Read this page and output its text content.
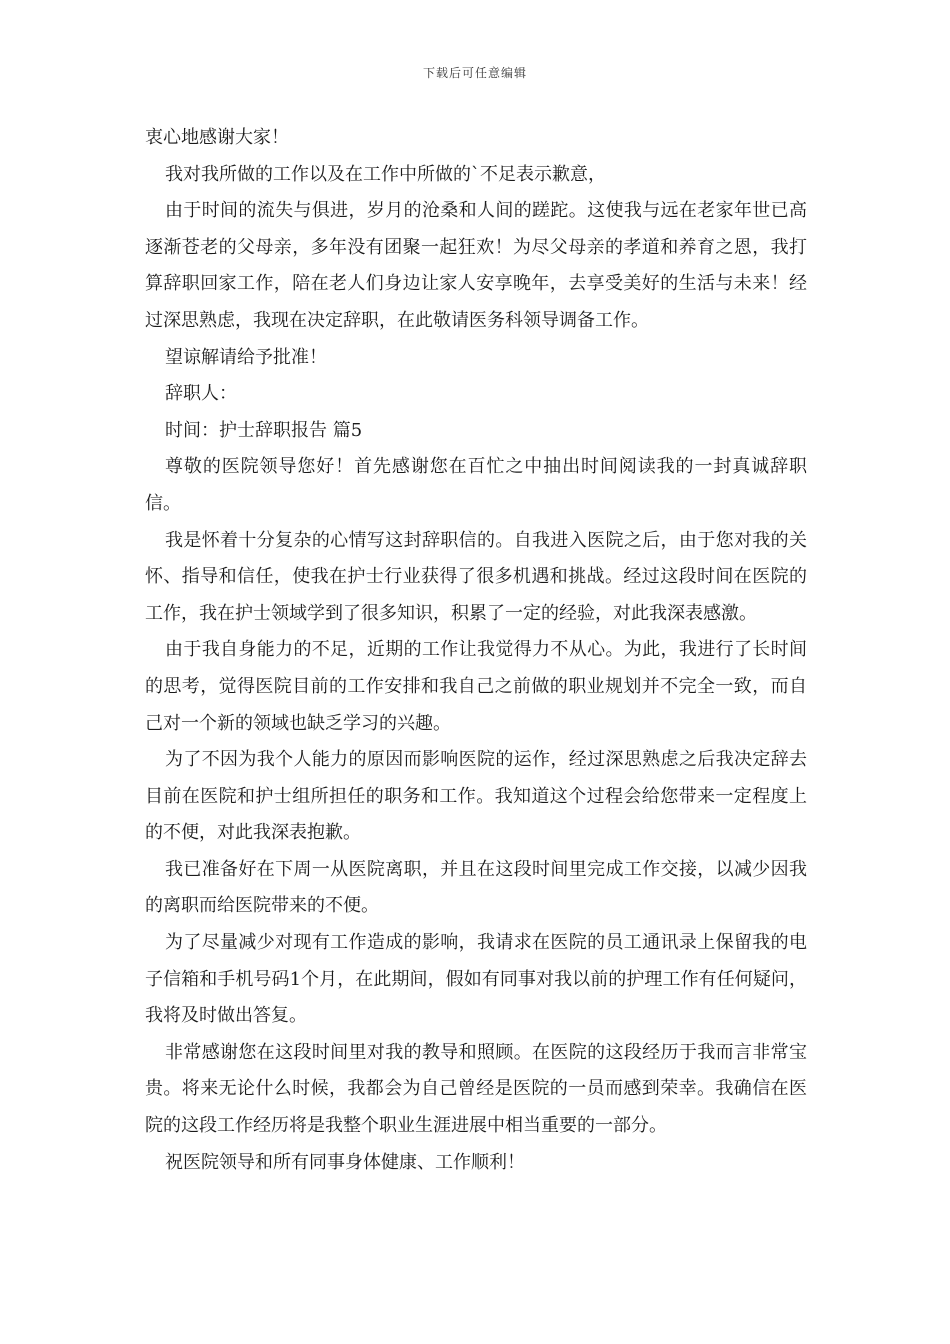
下载后可任意编辑

衷心地感谢大家！

我对我所做的工作以及在工作中所做的`不足表示歉意，

由于时间的流失与俱进，岁月的沧桑和人间的蹉跎。这使我与远在老家年世已高逐渐苍老的父母亲，多年没有团聚一起狂欢！为尽父母亲的孝道和养育之恩，我打算辞职回家工作，陪在老人们身边让家人安享晚年，去享受美好的生活与未来！经过深思熟虑，我现在决定辞职，在此敬请医务科领导调备工作。

望谅解请给予批准！

辞职人：

时间：护士辞职报告 篇5

尊敬的医院领导您好！首先感谢您在百忙之中抽出时间阅读我的一封真诚辞职信。

我是怀着十分复杂的心情写这封辞职信的。自我进入医院之后，由于您对我的关怀、指导和信任，使我在护士行业获得了很多机遇和挑战。经过这段时间在医院的工作，我在护士领域学到了很多知识，积累了一定的经验，对此我深表感激。

由于我自身能力的不足，近期的工作让我觉得力不从心。为此，我进行了长时间的思考，觉得医院目前的工作安排和我自己之前做的职业规划并不完全一致，而自己对一个新的领域也缺乏学习的兴趣。

为了不因为我个人能力的原因而影响医院的运作，经过深思熟虑之后我决定辞去目前在医院和护士组所担任的职务和工作。我知道这个过程会给您带来一定程度上的不便，对此我深表抱歉。

我已准备好在下周一从医院离职，并且在这段时间里完成工作交接，以减少因我的离职而给医院带来的不便。

为了尽量减少对现有工作造成的影响，我请求在医院的员工通讯录上保留我的电子信箱和手机号码1个月，在此期间，假如有同事对我以前的护理工作有任何疑问，我将及时做出答复。

非常感谢您在这段时间里对我的教导和照顾。在医院的这段经历于我而言非常宝贵。将来无论什么时候，我都会为自己曾经是医院的一员而感到荣幸。我确信在医院的这段工作经历将是我整个职业生涯进展中相当重要的一部分。

祝医院领导和所有同事身体健康、工作顺利！
